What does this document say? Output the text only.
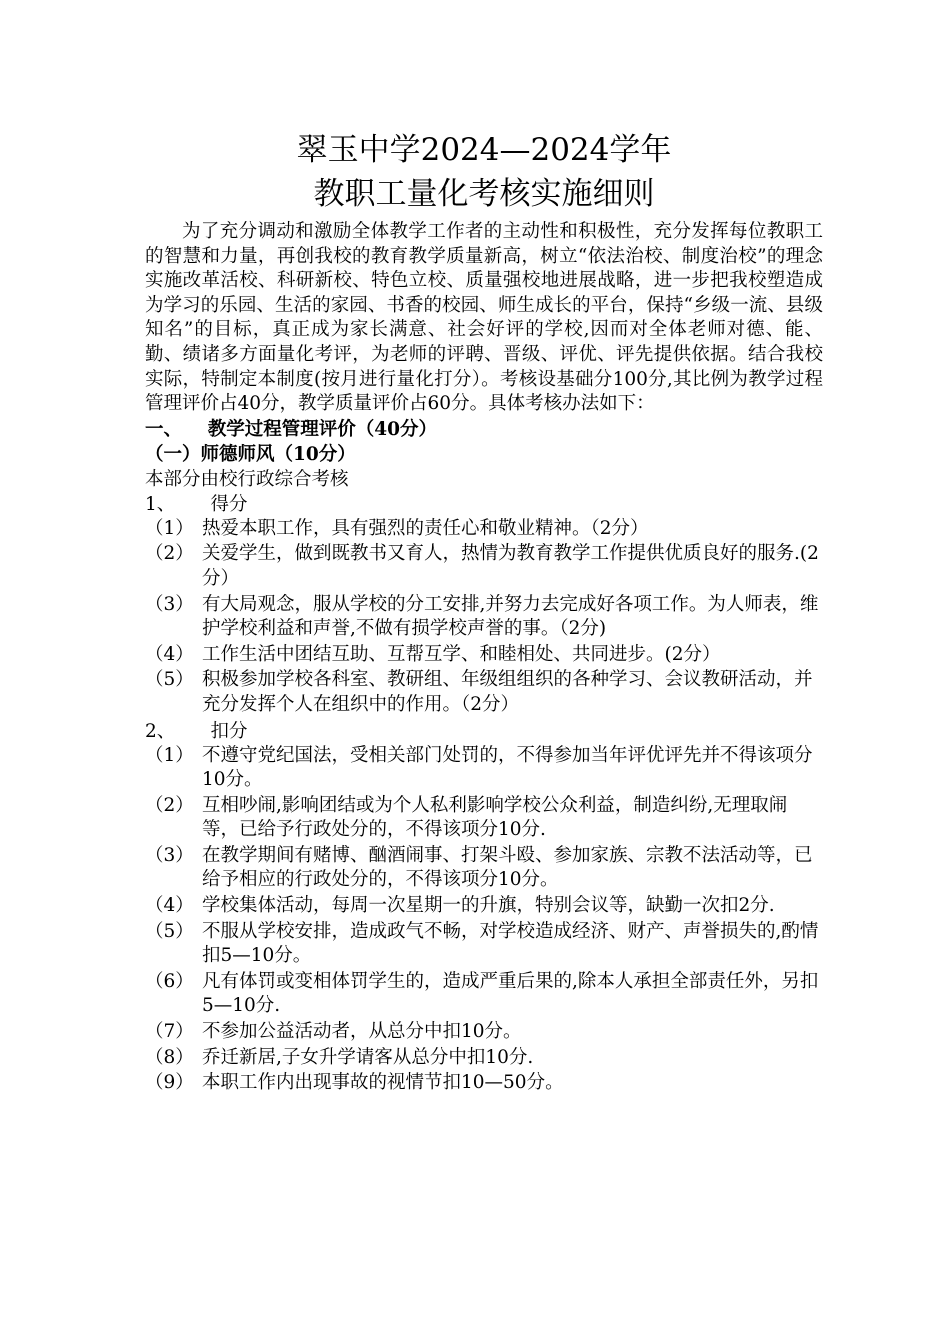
翠玉中学2024—2024学年
教职工量化考核实施细则

为了充分调动和激励全体教学工作者的主动性和积极性，充分发挥每位教职工的智慧和力量，再创我校的教育教学质量新高，树立“依法治校、制度治校”的理念实施改革活校、科研新校、特色立校、质量强校地进展战略，进一步把我校塑造成为学习的乐园、生活的家园、书香的校园、师生成长的平台，保持“乡级一流、县级知名”的目标，真正成为家长满意、社会好评的学校,因而对全体老师对德、能、勤、绩诸多方面量化考评，为老师的评聘、晋级、评优、评先提供依据。结合我校实际，特制定本制度(按月进行量化打分）。考核设基础分100分,其比例为教学过程管理评价占40分，教学质量评价占60分。具体考核办法如下：

一、    教学过程管理评价（40分）

（一）师德师风（10分）

本部分由校行政综合考核

1、      得分

（1） 热爱本职工作，具有强烈的责任心和敬业精神。（2分）
（2） 关爱学生，做到既教书又育人，热情为教育教学工作提供优质良好的服务.(2分）
（3） 有大局观念，服从学校的分工安排,并努力去完成好各项工作。为人师表，维护学校利益和声誉,不做有损学校声誉的事。（2分)
（4） 工作生活中团结互助、互帮互学、和睦相处、共同进步。(2分）
（5） 积极参加学校各科室、教研组、年级组组织的各种学习、会议教研活动，并充分发挥个人在组织中的作用。（2分）

2、      扣分

（1） 不遵守党纪国法，受相关部门处罚的，不得参加当年评优评先并不得该项分10分。
（2） 互相吵闹,影响团结或为个人私利影响学校公众利益，制造纠纷,无理取闹等，已给予行政处分的，不得该项分10分.
（3） 在教学期间有赌博、酗酒闹事、打架斗殴、参加家族、宗教不法活动等，已给予相应的行政处分的，不得该项分10分。
（4） 学校集体活动，每周一次星期一的升旗，特别会议等，缺勤一次扣2分.
（5） 不服从学校安排，造成政气不畅，对学校造成经济、财产、声誉损失的,酌情扣5—10分。
（6） 凡有体罚或变相体罚学生的，造成严重后果的,除本人承担全部责任外，另扣5—10分.
（7） 不参加公益活动者，从总分中扣10分。
（8） 乔迁新居,子女升学请客从总分中扣10分.
（9） 本职工作内出现事故的视情节扣10—50分。
